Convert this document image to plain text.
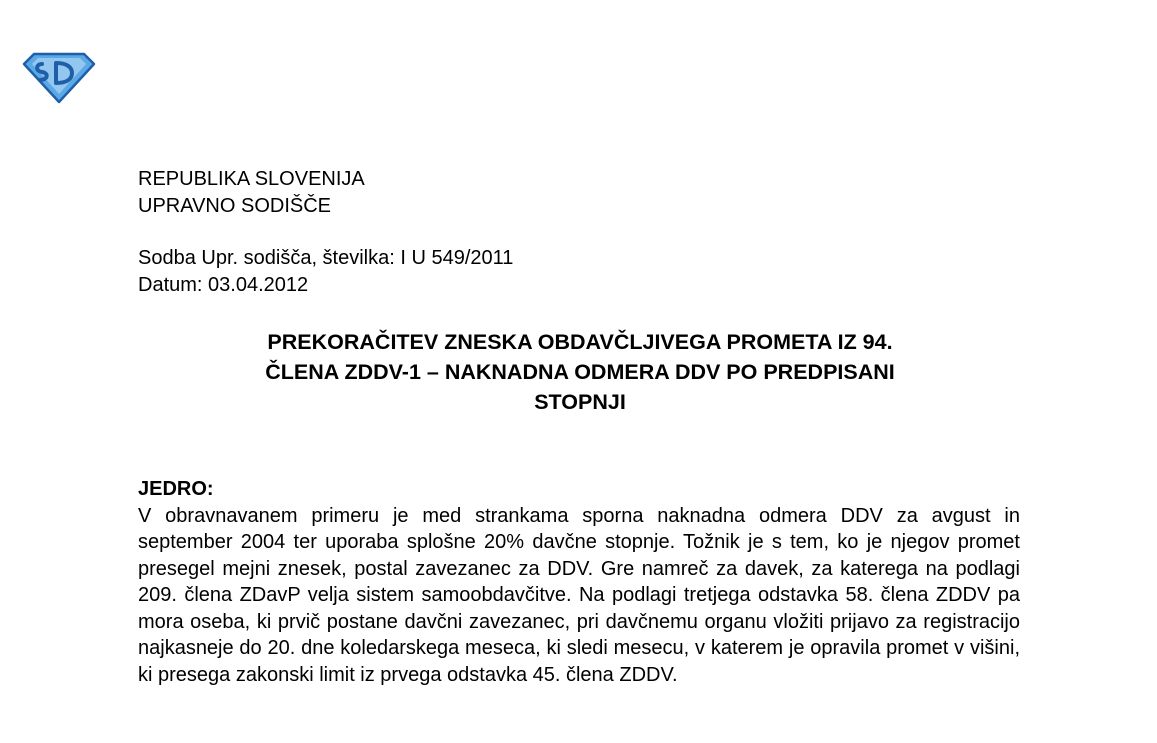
REPUBLIKA SLOVENIJA
UPRAVNO SODIŠČE
Sodba Upr. sodišča, številka: I U 549/2011
Datum: 03.04.2012
PREKORAČITEV ZNESKA OBDAVČLJIVEGA PROMETA IZ 94.
ČLENA ZDDV-1 – NAKNADNA ODMERA DDV PO PREDPISANI
STOPNJI
JEDRO:
V obravnavanem primeru je med strankama sporna naknadna odmera DDV za avgust in september 2004 ter uporaba splošne 20% davčne stopnje. Tožnik je s tem, ko je njegov promet presegel mejni znesek, postal zavezanec za DDV. Gre namreč za davek, za katerega na podlagi 209. člena ZDavP velja sistem samoobdavčitve. Na podlagi tretjega odstavka 58. člena ZDDV pa mora oseba, ki prvič postane davčni zavezanec, pri davčnemu organu vložiti prijavo za registracijo najkasneje do 20. dne koledarskega meseca, ki sledi mesecu, v katerem je opravila promet v višini, ki presega zakonski limit iz prvega odstavka 45. člena ZDDV.
